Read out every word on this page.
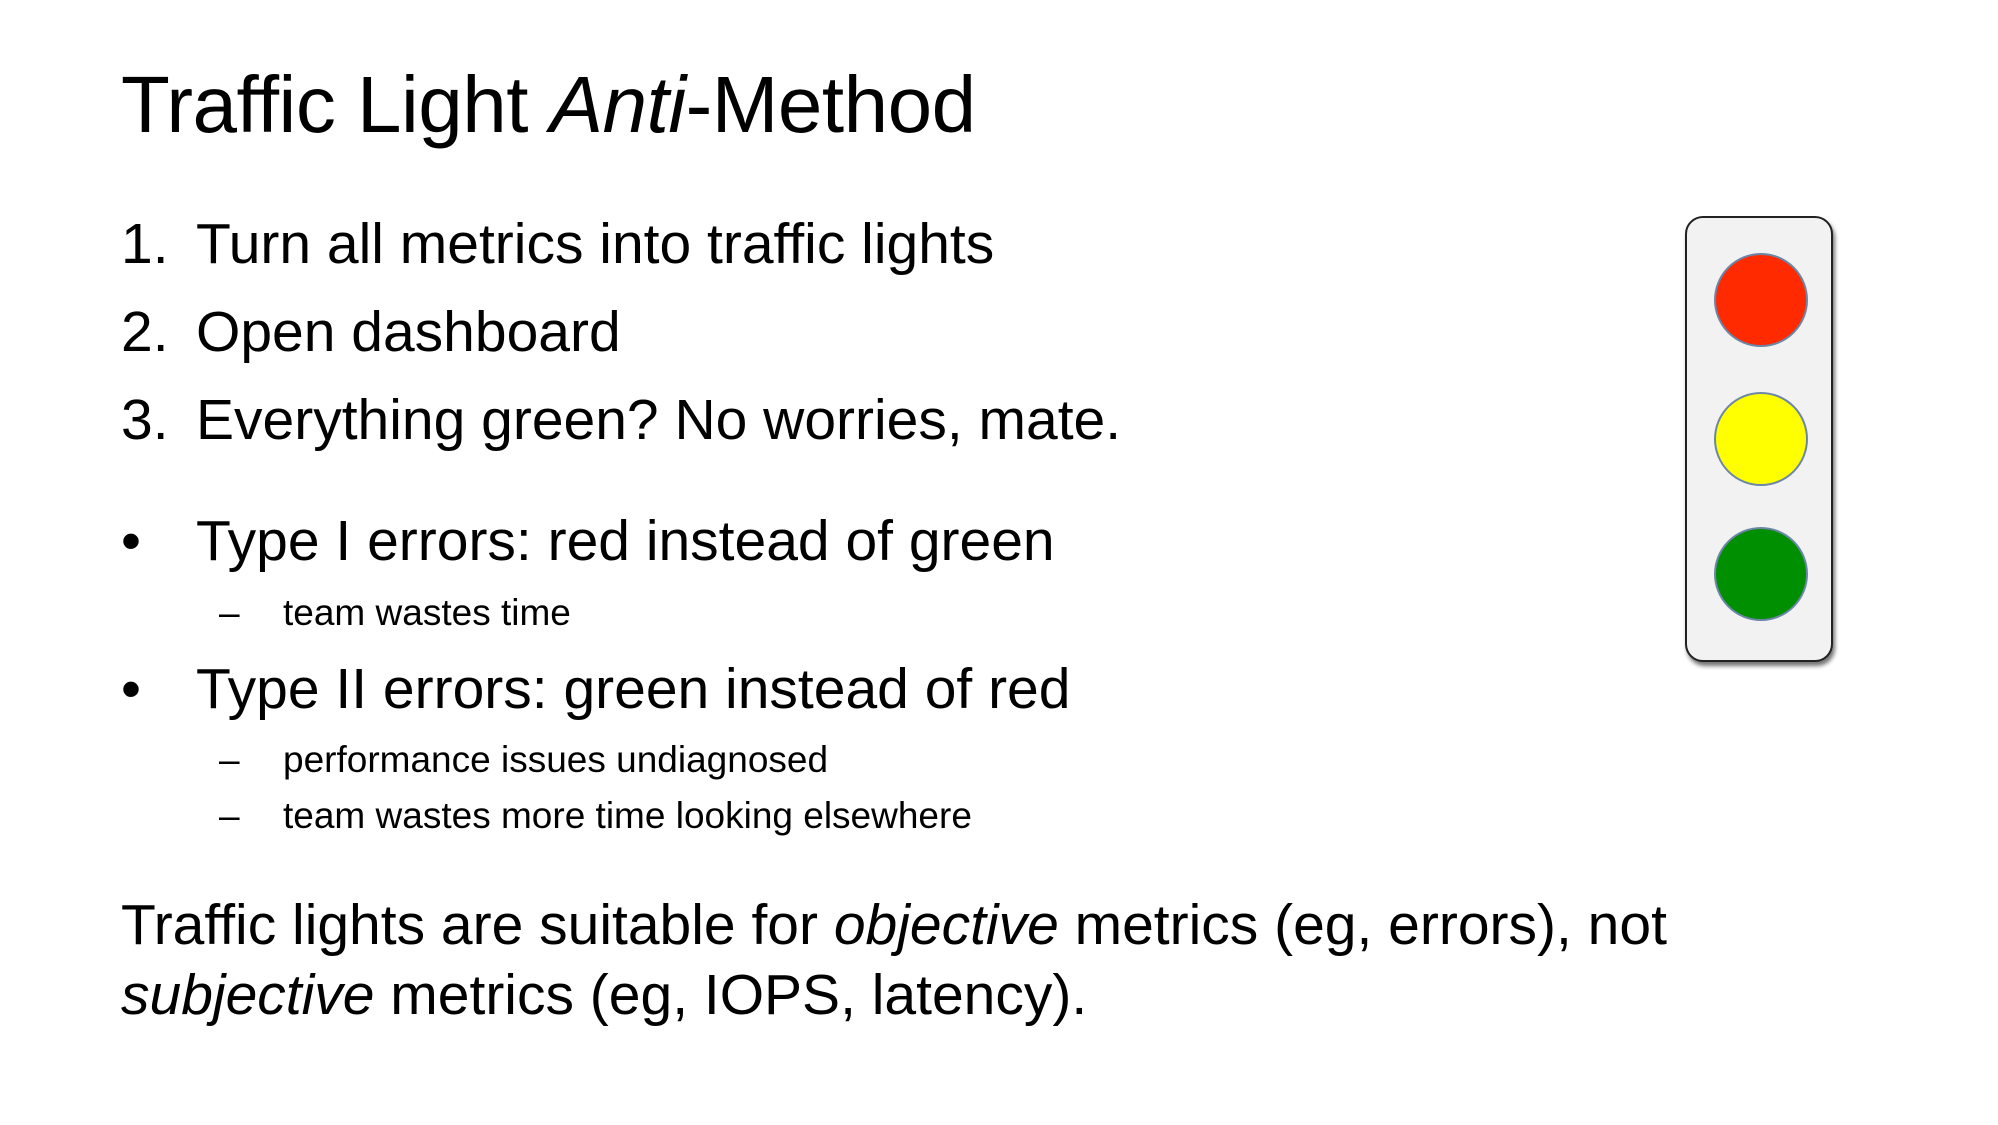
Traffic Light Anti-Method
1. Turn all metrics into traffic lights
2. Open dashboard
3. Everything green? No worries, mate.
• Type I errors: red instead of green
– team wastes time
• Type II errors: green instead of red
– performance issues undiagnosed
– team wastes more time looking elsewhere
Traffic lights are suitable for objective metrics (eg, errors), not
subjective metrics (eg, IOPS, latency).
